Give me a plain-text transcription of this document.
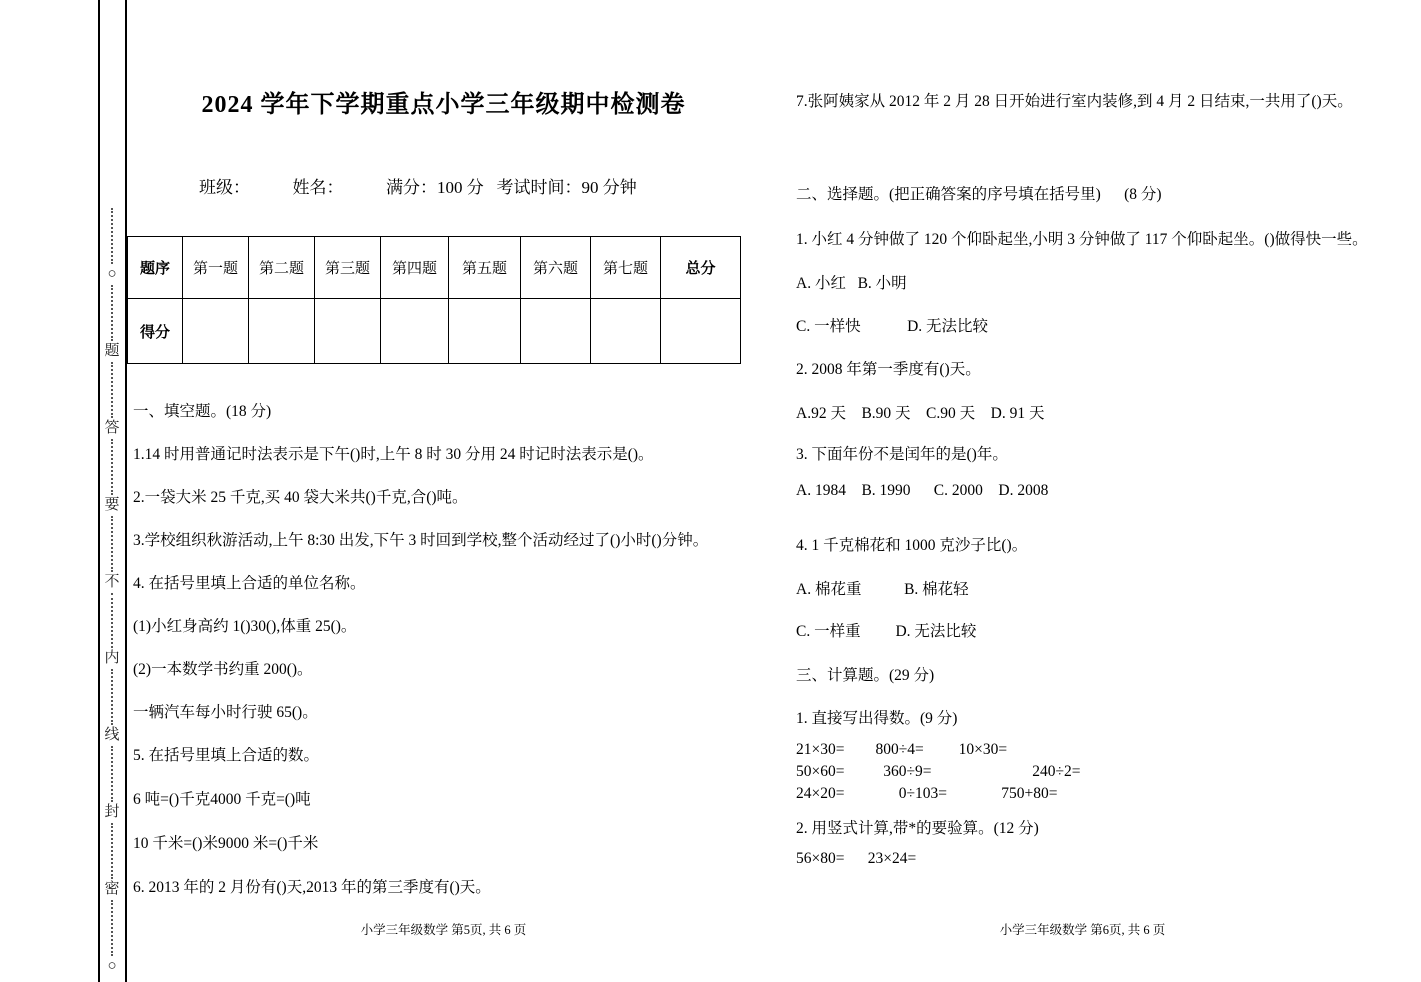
○
题
答
要
不
内
线
封
密
○
2024 学年下学期重点小学三年级期中检测卷
班级：          姓名：          满分：100 分   考试时间：90 分钟
题序	第一题	第二题	第三题	第四题	第五题	第六题	第七题	总分
得分								
一、填空题。(18 分)
1.14 时用普通记时法表示是下午()时,上午 8 时 30 分用 24 时记时法表示是()。
2.一袋大米 25 千克,买 40 袋大米共()千克,合()吨。
3.学校组织秋游活动,上午 8:30 出发,下午 3 时回到学校,整个活动经过了()小时()分钟。
4. 在括号里填上合适的单位名称。
(1)小红身高约 1()30(),体重 25()。
(2)一本数学书约重 200()。
一辆汽车每小时行驶 65()。
5. 在括号里填上合适的数。
6 吨=()千克4000 千克=()吨
10 千米=()米9000 米=()千米
6. 2013 年的 2 月份有()天,2013 年的第三季度有()天。
小学三年级数学 第5页, 共 6 页
7.张阿姨家从 2012 年 2 月 28 日开始进行室内装修,到 4 月 2 日结束,一共用了()天。
二、选择题。(把正确答案的序号填在括号里)      (8 分)
1. 小红 4 分钟做了 120 个仰卧起坐,小明 3 分钟做了 117 个仰卧起坐。()做得快一些。
A. 小红   B. 小明
C. 一样快            D. 无法比较
2. 2008 年第一季度有()天。
A.92 天    B.90 天    C.90 天    D. 91 天
3. 下面年份不是闰年的是()年。
A. 1984    B. 1990      C. 2000    D. 2008
4. 1 千克棉花和 1000 克沙子比()。
A. 棉花重           B. 棉花轻
C. 一样重         D. 无法比较
三、计算题。(29 分)
1. 直接写出得数。(9 分)
21×30=        800÷4=         10×30=
50×60=          360÷9=                          240÷2=
24×20=              0÷103=              750+80=
2. 用竖式计算,带*的要验算。(12 分)
56×80=      23×24=
小学三年级数学 第6页, 共 6 页
